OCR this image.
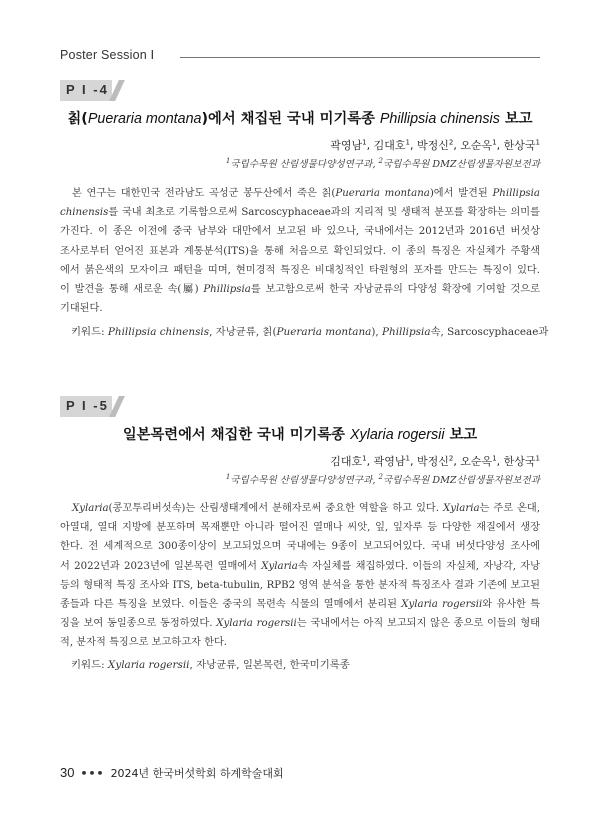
Poster Session Ⅰ
P I -4
칡(Pueraria montana)에서 채집된 국내 미기록종 Phillipsia chinensis 보고
곽영남$^1$, 김대호$^1$, 박정신$^2$, 오순옥$^1$, 한상국$^1$
$^1$국립수목원 산림생물다양성연구과, $^2$국립수목원 DMZ산림생물자원보전과
본 연구는 대한민국 전라남도 곡성군 봉두산에서 죽은 칡(Pueraria montana)에서 발견된 Phillipsia
chinensis를 국내 최초로 기록함으로써 Sarcoscyphaceae과의 지리적 및 생태적 분포를 확장하는 의미를
가진다. 이 종은 이전에 중국 남부와 대만에서 보고된 바 있으나, 국내에서는 2012년과 2016년 버섯상
조사로부터 얻어진 표본과 계통분석(ITS)을 통해 처음으로 확인되었다. 이 종의 특징은 자실체가 주황색
에서 붉은색의 모자이크 패턴을 띠며, 현미경적 특징은 비대칭적인 타원형의 포자를 만드는 특징이 있다.
이 발견을 통해 새로운 속(屬) Phillipsia를 보고함으로써 한국 자낭균류의 다양성 확장에 기여할 것으로
기대된다.
키워드: Phillipsia chinensis, 자낭균류, 칡(Pueraria montana), Phillipsia속, Sarcoscyphaceae과
P I -5
일본목련에서 채집한 국내 미기록종 Xylaria rogersii 보고
김대호$^1$, 곽영남$^1$, 박정신$^2$, 오순옥$^1$, 한상국$^1$
$^1$국립수목원 산림생물다양성연구과, $^2$국립수목원 DMZ산림생물자원보전과
Xylaria(콩꼬투리버섯속)는 산림생태계에서 분해자로써 중요한 역할을 하고 있다. Xylaria는 주로 온대,
아열대, 열대 지방에 분포하며 목재뿐만 아니라 떨어진 열매나 씨앗, 잎, 잎자루 등 다양한 재질에서 생장
한다. 전 세계적으로 300종이상이 보고되었으며 국내에는 9종이 보고되어있다. 국내 버섯다양성 조사에
서 2022년과 2023년에 일본목련 열매에서 Xylaria속 자실체를 채집하였다. 이들의 자실체, 자낭각, 자낭
등의 형태적 특징 조사와 ITS, beta-tubulin, RPB2 영역 분석을 통한 분자적 특징조사 결과 기존에 보고된
종들과 다른 특징을 보였다. 이들은 중국의 목련속 식물의 열매에서 분리된 Xylaria rogersii와 유사한 특
징을 보여 동일종으로 동정하였다. Xylaria rogersii는 국내에서는 아직 보고되지 않은 종으로 이들의 형태
적, 분자적 특징으로 보고하고자 한다.
키워드: Xylaria rogersii, 자낭균류, 일본목련, 한국미기록종
30 ••• 2024년 한국버섯학회 하계학술대회
